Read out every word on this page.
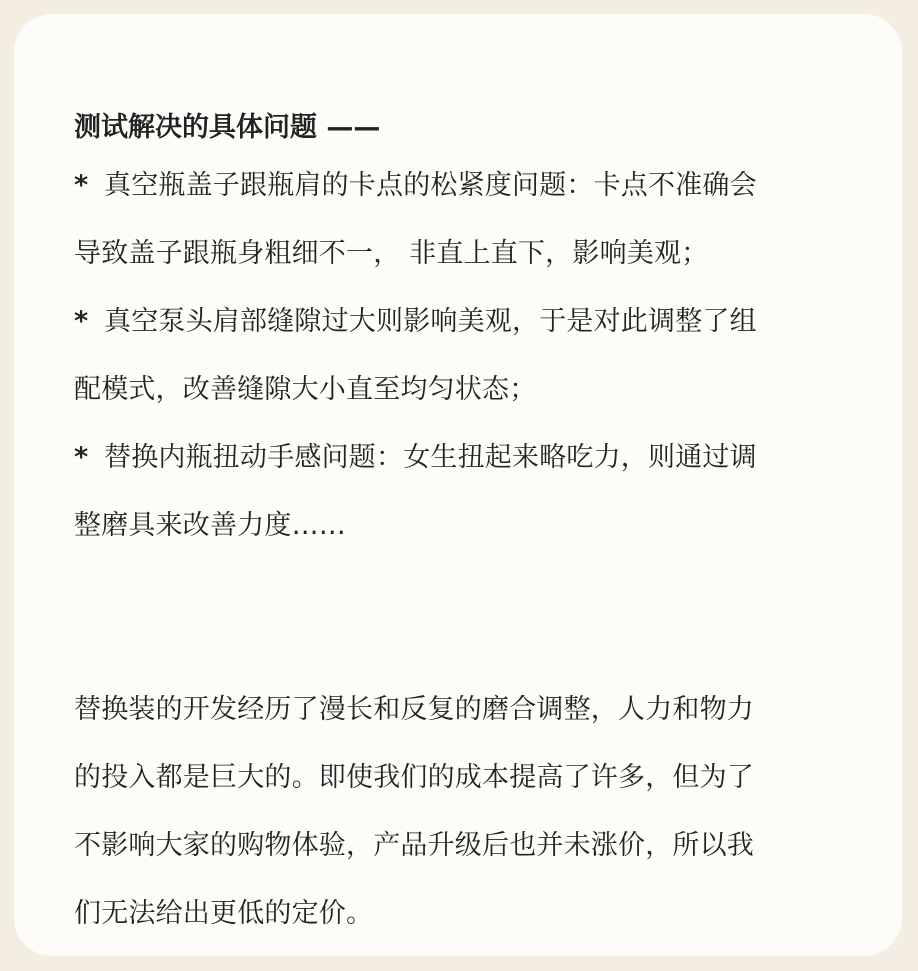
测试解决的具体问题 ——
* 真空瓶盖子跟瓶肩的卡点的松紧度问题：卡点不准确会
导致盖子跟瓶身粗细不一， 非直上直下，影响美观；
* 真空泵头肩部缝隙过大则影响美观，于是对此调整了组
配模式，改善缝隙大小直至均匀状态；
* 替换内瓶扭动手感问题：女生扭起来略吃力，则通过调
整磨具来改善力度……
替换装的开发经历了漫长和反复的磨合调整，人力和物力
的投入都是巨大的。即使我们的成本提高了许多，但为了
不影响大家的购物体验，产品升级后也并未涨价，所以我
们无法给出更低的定价。
